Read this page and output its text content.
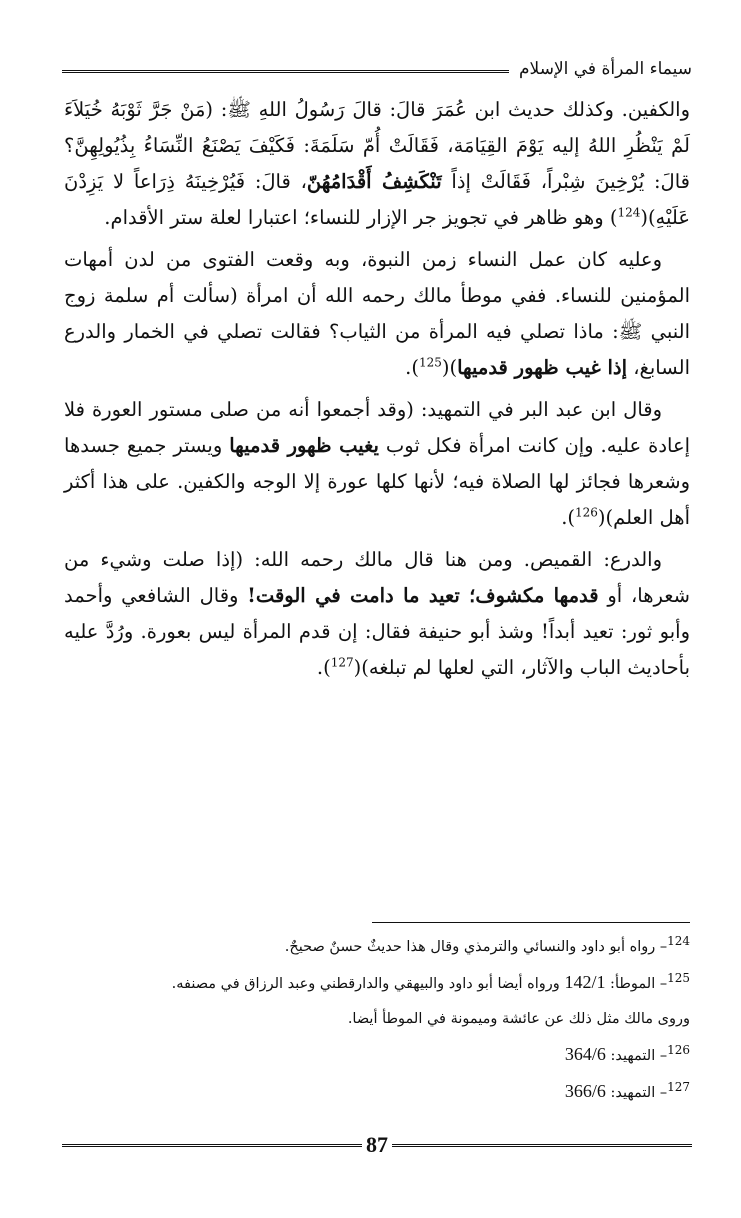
سيماء المرأة في الإسلام

والكفين. وكذلك حديث ابن عُمَرَ قالَ: قالَ رَسُولُ اللهِ ﷺ: (مَنْ جَرَّ ثَوْبَهُ خُيَلاَءَ لَمْ يَنْظُرِ اللهُ إليه يَوْمَ القِيَامَة، فَقَالَتْ أُمّ سَلَمَةَ: فَكَيْفَ يَصْنَعُ النِّسَاءُ بِذُيُولِهِنَّ؟ قالَ: يُرْخِينَ شِبْراً، فَقَالَتْ إذاً تَنْكَشِفُ أَقْدَامُهُنّ، قالَ: فَيُرْخِينَهُ ذِرَاعاً لا يَزِدْنَ عَلَيْهِ)($^{124}$) وهو ظاهر في تجويز جر الإزار للنساء؛ اعتبارا لعلة ستر الأقدام.

وعليه كان عمل النساء زمن النبوة، وبه وقعت الفتوى من لدن أمهات المؤمنين للنساء. ففي موطأ مالك رحمه الله أن امرأة (سألت أم سلمة زوج النبي ﷺ: ماذا تصلي فيه المرأة من الثياب؟ فقالت تصلي في الخمار والدرع السابغ، إذا غيب ظهور قدميها)($^{125}$).

وقال ابن عبد البر في التمهيد: (وقد أجمعوا أنه من صلى مستور العورة فلا إعادة عليه. وإن كانت امرأة فكل ثوب يغيب ظهور قدميها ويستر جميع جسدها وشعرها فجائز لها الصلاة فيه؛ لأنها كلها عورة إلا الوجه والكفين. على هذا أكثر أهل العلم)($^{126}$).

والدرع: القميص. ومن هنا قال مالك رحمه الله: (إذا صلت وشيء من شعرها، أو قدمها مكشوف؛ تعيد ما دامت في الوقت! وقال الشافعي وأحمد وأبو ثور: تعيد أبداً! وشذ أبو حنيفة فقال: إن قدم المرأة ليس بعورة. ورُدَّ عليه بأحاديث الباب والآثار، التي لعلها لم تبلغه)($^{127}$).

$^{124}$– رواه أبو داود والنسائي والترمذي وقال هذا حديثٌ حسنٌ صحيحٌ.

$^{125}$– الموطأ: 142/1 ورواه أيضا أبو داود والبيهقي والدارقطني وعبد الرزاق في مصنفه.

وروى مالك مثل ذلك عن عائشة وميمونة في الموطأ أيضا.

$^{126}$– التمهيد: 364/6

$^{127}$– التمهيد: 366/6

87
